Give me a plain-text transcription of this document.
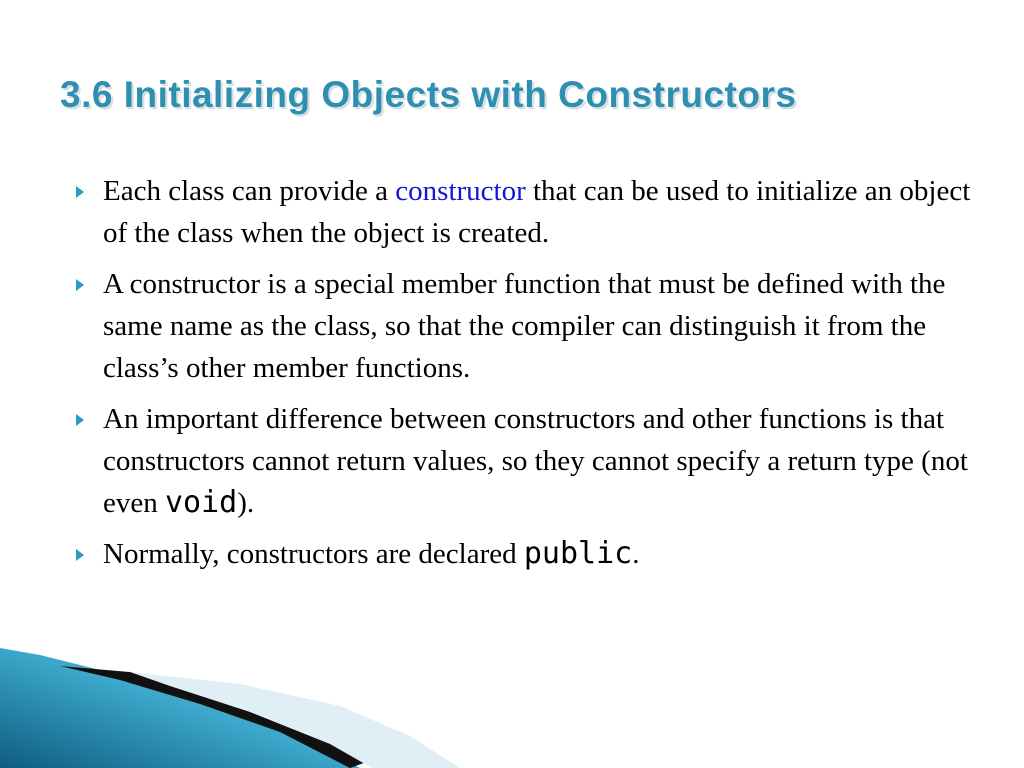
3.6 Initializing Objects with Constructors
Each class can provide a constructor that can be used to initialize an object of the class when the object is created.
A constructor is a special member function that must be defined with the same name as the class, so that the compiler can distinguish it from the class’s other member functions.
An important difference between constructors and other functions is that constructors cannot return values, so they cannot specify a return type (not even void).
Normally, constructors are declared public.
